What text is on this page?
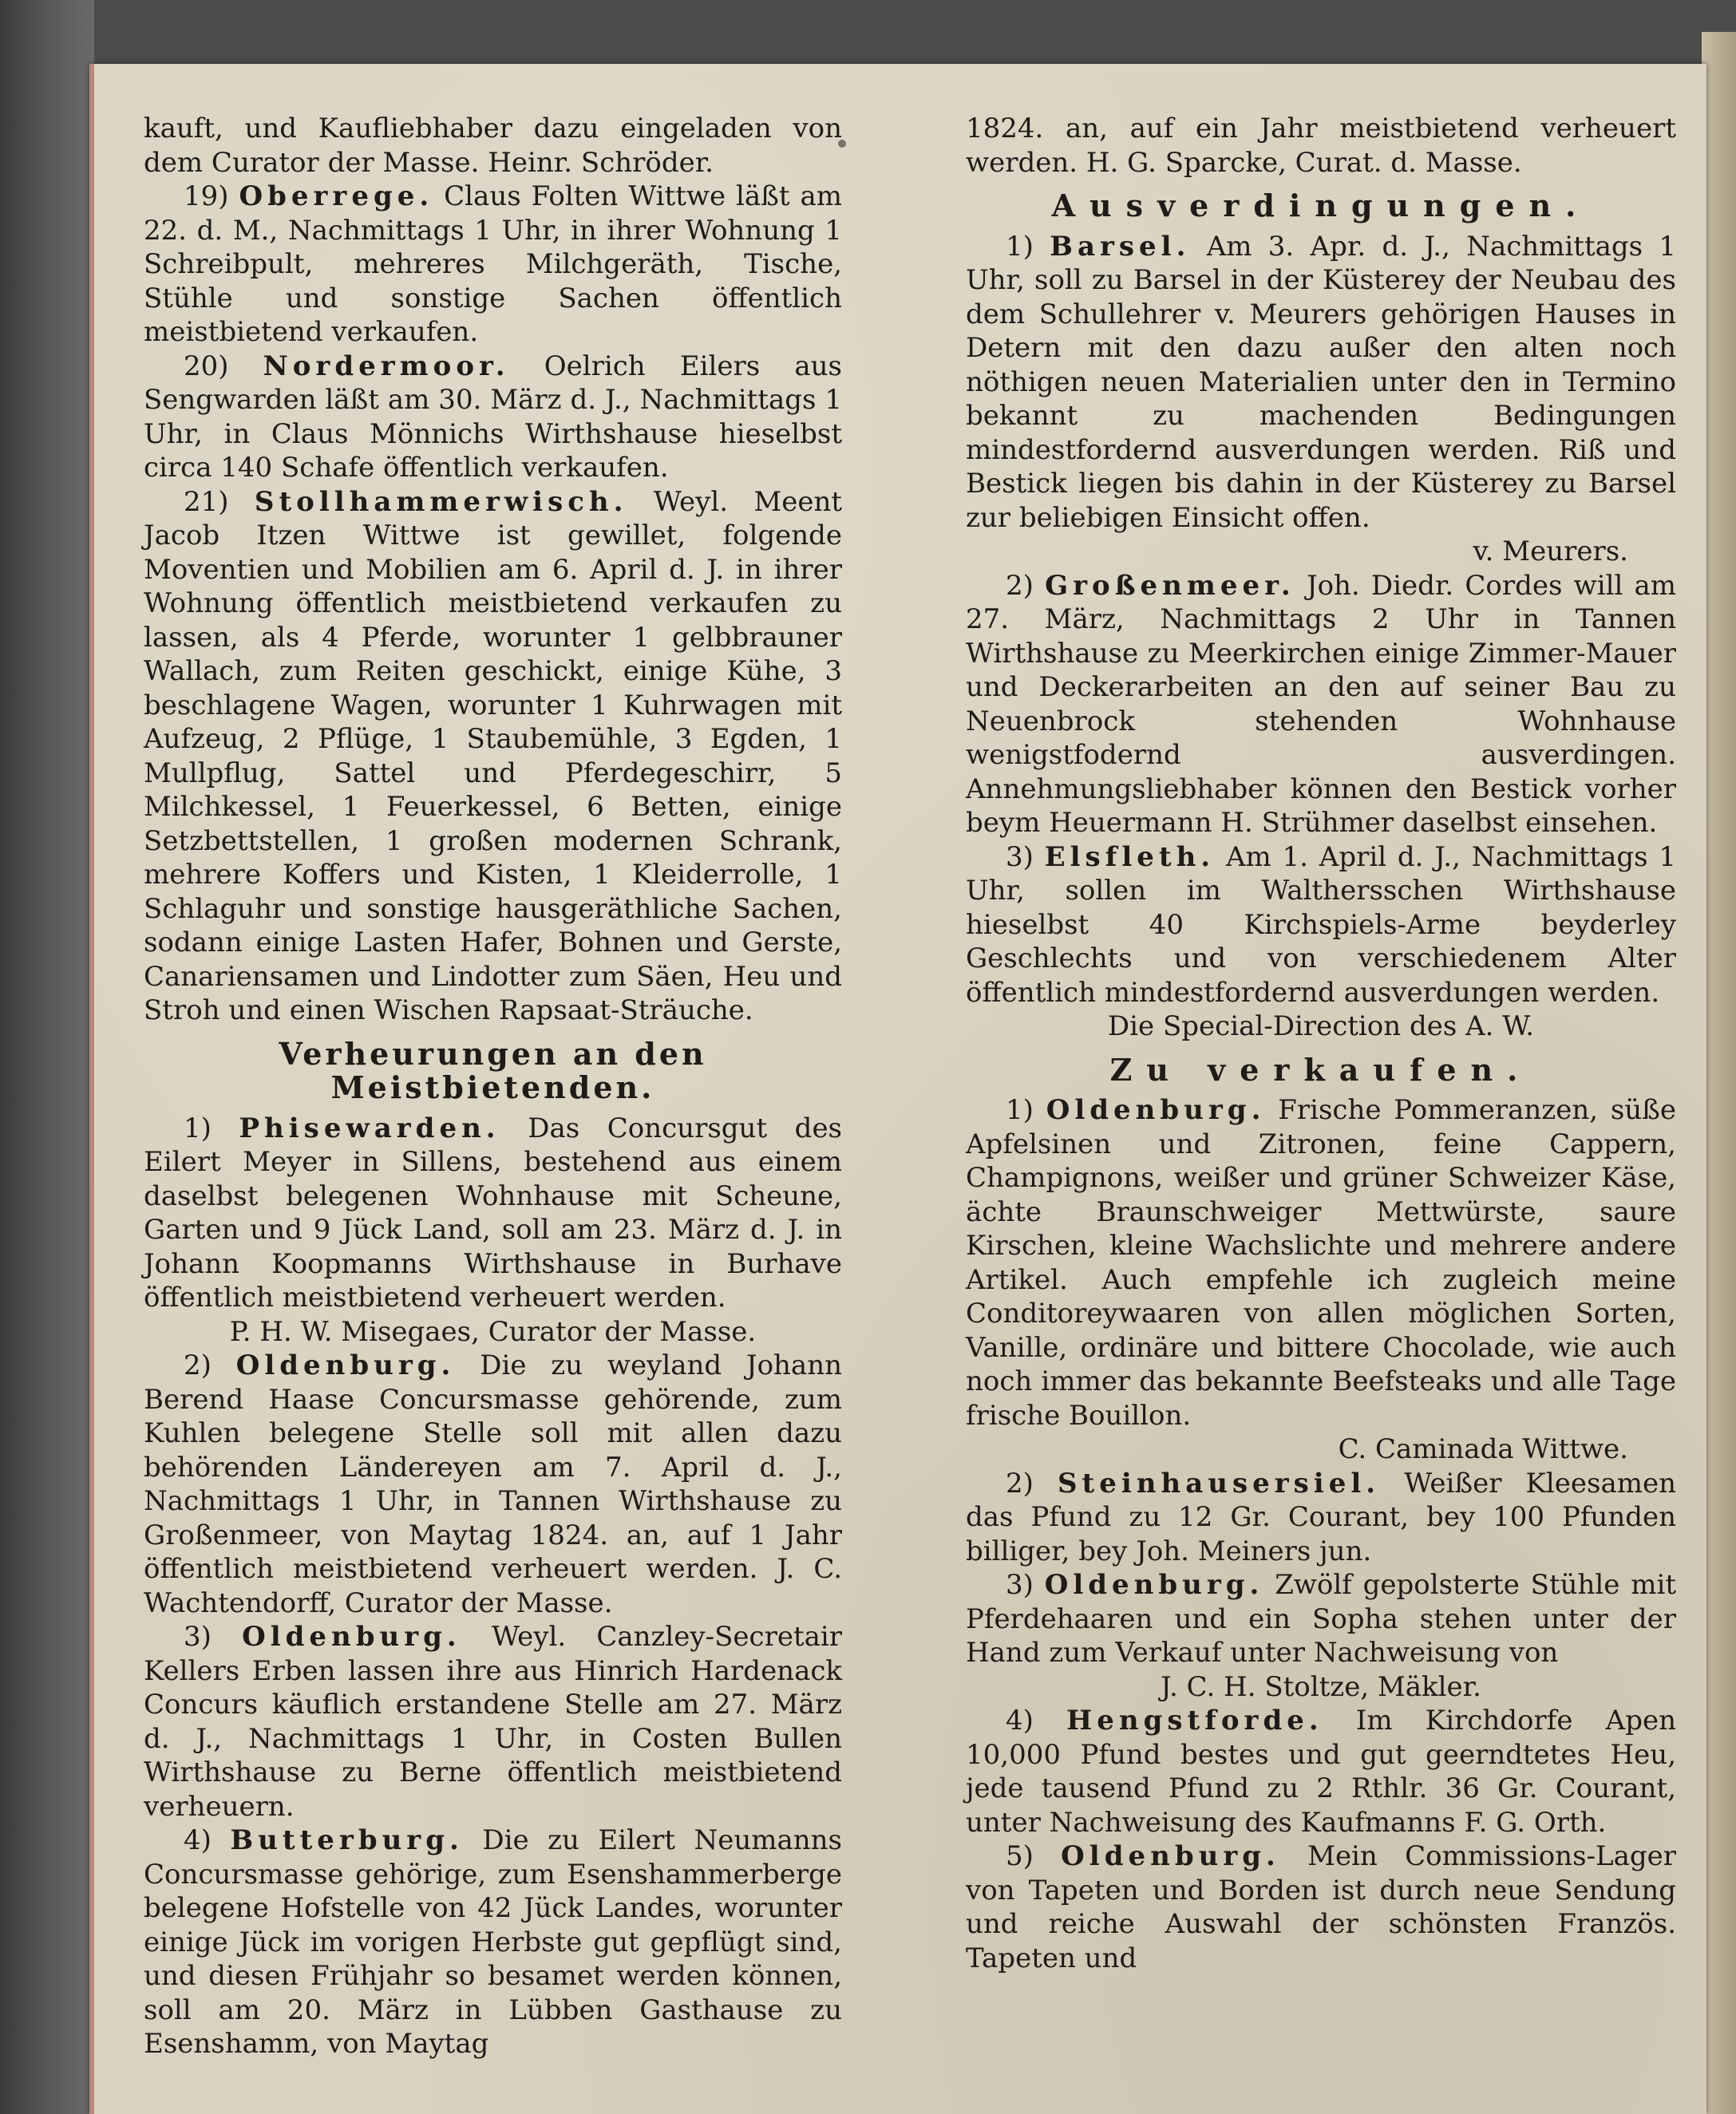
kauft, und Kaufliebhaber dazu eingeladen von dem Curator der Masse. Heinr. Schröder.

19) Oberrege. Claus Folten Wittwe läßt am 22. d. M., Nachmittags 1 Uhr, in ihrer Wohnung 1 Schreibpult, mehreres Milchgeräth, Tische, Stühle und sonstige Sachen öffentlich meistbietend verkaufen.

20) Nordermoor. Oelrich Eilers aus Sengwarden läßt am 30. März d. J., Nachmittags 1 Uhr, in Claus Mönnichs Wirthshause hieselbst circa 140 Schafe öffentlich verkaufen.

21) Stollhammerwisch. Weyl. Meent Jacob Itzen Wittwe ist gewillet, folgende Moventien und Mobilien am 6. April d. J. in ihrer Wohnung öffentlich meistbietend verkaufen zu lassen, als 4 Pferde, worunter 1 gelbbrauner Wallach, zum Reiten geschickt, einige Kühe, 3 beschlagene Wagen, worunter 1 Kuhrwagen mit Aufzeug, 2 Pflüge, 1 Staubemühle, 3 Egden, 1 Mullpflug, Sattel und Pferdegeschirr, 5 Milchkessel, 1 Feuerkessel, 6 Betten, einige Setzbettstellen, 1 großen modernen Schrank, mehrere Koffers und Kisten, 1 Kleiderrolle, 1 Schlaguhr und sonstige hausgeräthliche Sachen, sodann einige Lasten Hafer, Bohnen und Gerste, Canariensamen und Lindotter zum Säen, Heu und Stroh und einen Wischen Rapsaat-Sträuche.

Verheurungen an den Meistbietenden.

1) Phisewarden. Das Concursgut des Eilert Meyer in Sillens, bestehend aus einem daselbst belegenen Wohnhause mit Scheune, Garten und 9 Jück Land, soll am 23. März d. J. in Johann Koopmanns Wirthshause in Burhave öffentlich meistbietend verheuert werden.

P. H. W. Misegaes, Curator der Masse.

2) Oldenburg. Die zu weyland Johann Berend Haase Concursmasse gehörende, zum Kuhlen belegene Stelle soll mit allen dazu behörenden Ländereyen am 7. April d. J., Nachmittags 1 Uhr, in Tannen Wirthshause zu Großenmeer, von Maytag 1824. an, auf 1 Jahr öffentlich meistbietend verheuert werden. J. C. Wachtendorff, Curator der Masse.

3) Oldenburg. Weyl. Canzley-Secretair Kellers Erben lassen ihre aus Hinrich Hardenack Concurs käuflich erstandene Stelle am 27. März d. J., Nachmittags 1 Uhr, in Costen Bullen Wirthshause zu Berne öffentlich meistbietend verheuern.

4) Butterburg. Die zu Eilert Neumanns Concursmasse gehörige, zum Esenshammerberge belegene Hofstelle von 42 Jück Landes, worunter einige Jück im vorigen Herbste gut gepflügt sind, und diesen Frühjahr so besamet werden können, soll am 20. März in Lübben Gasthause zu Esenshamm, von Maytag

1824. an, auf ein Jahr meistbietend verheuert werden. H. G. Sparcke, Curat. d. Masse.

Ausverdingungen.

1) Barsel. Am 3. Apr. d. J., Nachmittags 1 Uhr, soll zu Barsel in der Küsterey der Neubau des dem Schullehrer v. Meurers gehörigen Hauses in Detern mit den dazu außer den alten noch nöthigen neuen Materialien unter den in Termino bekannt zu machenden Bedingungen mindestfordernd ausverdungen werden. Riß und Bestick liegen bis dahin in der Küsterey zu Barsel zur beliebigen Einsicht offen.

v. Meurers.

2) Großenmeer. Joh. Diedr. Cordes will am 27. März, Nachmittags 2 Uhr in Tannen Wirthshause zu Meerkirchen einige Zimmer-Mauer und Deckerarbeiten an den auf seiner Bau zu Neuenbrock stehenden Wohnhause wenigstfodernd ausverdingen. Annehmungsliebhaber können den Bestick vorher beym Heuermann H. Strühmer daselbst einsehen.

3) Elsfleth. Am 1. April d. J., Nachmittags 1 Uhr, sollen im Walthersschen Wirthshause hieselbst 40 Kirchspiels-Arme beyderley Geschlechts und von verschiedenem Alter öffentlich mindestfordernd ausverdungen werden.

Die Special-Direction des A. W.

Zu verkaufen.

1) Oldenburg. Frische Pommeranzen, süße Apfelsinen und Zitronen, feine Cappern, Champignons, weißer und grüner Schweizer Käse, ächte Braunschweiger Mettwürste, saure Kirschen, kleine Wachslichte und mehrere andere Artikel. Auch empfehle ich zugleich meine Conditoreywaaren von allen möglichen Sorten, Vanille, ordinäre und bittere Chocolade, wie auch noch immer das bekannte Beefsteaks und alle Tage frische Bouillon.

C. Caminada Wittwe.

2) Steinhausersiel. Weißer Kleesamen das Pfund zu 12 Gr. Courant, bey 100 Pfunden billiger, bey Joh. Meiners jun.

3) Oldenburg. Zwölf gepolsterte Stühle mit Pferdehaaren und ein Sopha stehen unter der Hand zum Verkauf unter Nachweisung von

J. C. H. Stoltze, Mäkler.

4) Hengstforde. Im Kirchdorfe Apen 10,000 Pfund bestes und gut geerndtetes Heu, jede tausend Pfund zu 2 Rthlr. 36 Gr. Courant, unter Nachweisung des Kaufmanns F. G. Orth.

5) Oldenburg. Mein Commissions-Lager von Tapeten und Borden ist durch neue Sendung und reiche Auswahl der schönsten Französ. Tapeten und
